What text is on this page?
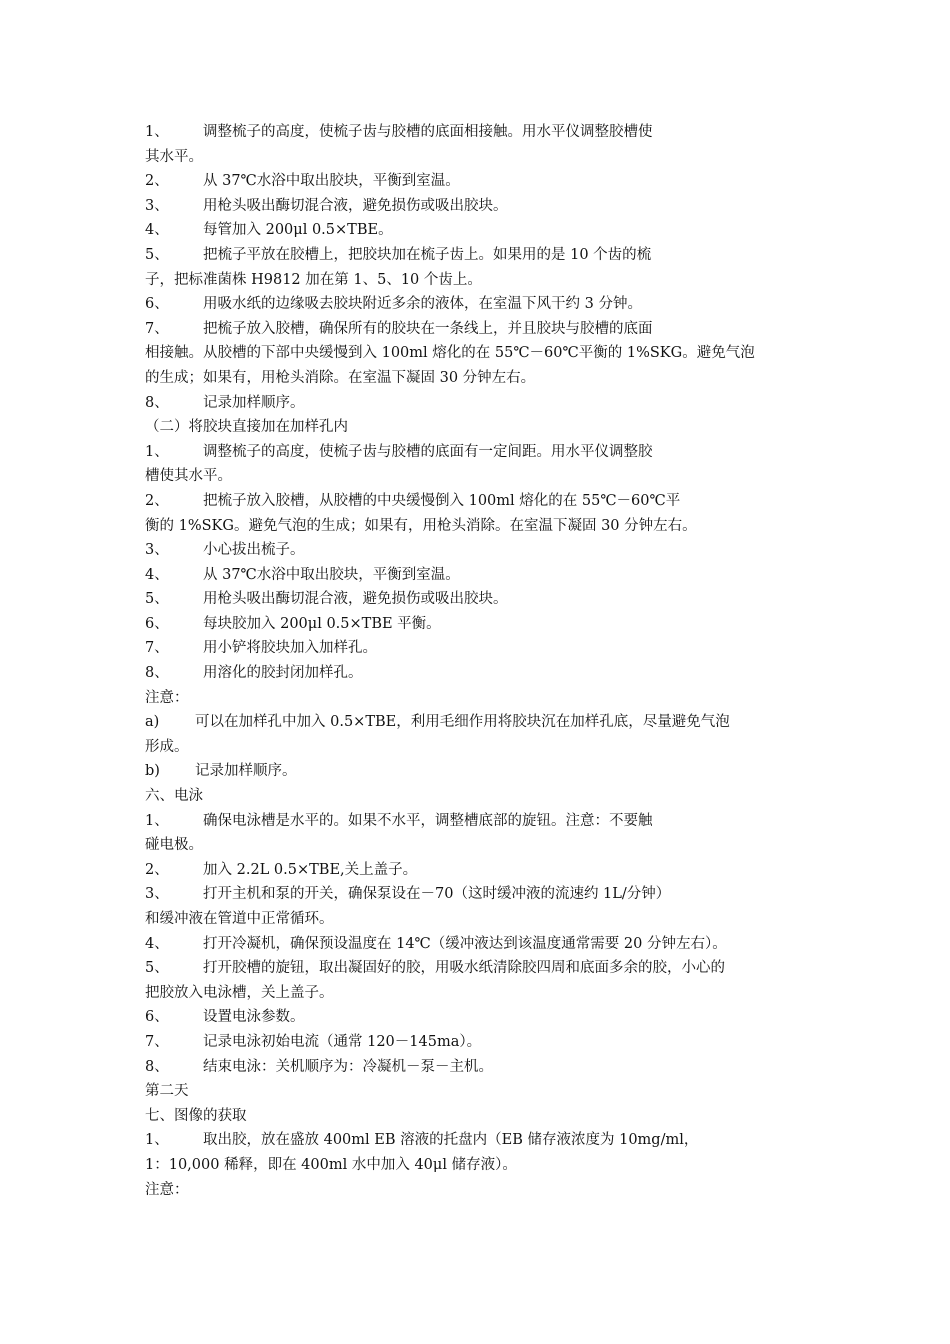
1、 调整梳子的高度，使梳子齿与胶槽的底面相接触。用水平仪调整胶槽使
其水平。
2、 从 37℃水浴中取出胶块，平衡到室温。
3、 用枪头吸出酶切混合液，避免损伤或吸出胶块。
4、 每管加入 200μl 0.5×TBE。
5、 把梳子平放在胶槽上，把胶块加在梳子齿上。如果用的是 10 个齿的梳
子，把标准菌株 H9812 加在第 1、5、10 个齿上。
6、 用吸水纸的边缘吸去胶块附近多余的液体，在室温下风干约 3 分钟。
7、 把梳子放入胶槽，确保所有的胶块在一条线上，并且胶块与胶槽的底面
相接触。从胶槽的下部中央缓慢到入 100ml 熔化的在 55℃－60℃平衡的 1%SKG。避免气泡
的生成；如果有，用枪头消除。在室温下凝固 30 分钟左右。
8、 记录加样顺序。
（二）将胶块直接加在加样孔内
1、 调整梳子的高度，使梳子齿与胶槽的底面有一定间距。用水平仪调整胶
槽使其水平。
2、 把梳子放入胶槽，从胶槽的中央缓慢倒入 100ml 熔化的在 55℃－60℃平
衡的 1%SKG。避免气泡的生成；如果有，用枪头消除。在室温下凝固 30 分钟左右。
3、 小心拔出梳子。
4、 从 37℃水浴中取出胶块，平衡到室温。
5、 用枪头吸出酶切混合液，避免损伤或吸出胶块。
6、 每块胶加入 200μl 0.5×TBE 平衡。
7、 用小铲将胶块加入加样孔。
8、 用溶化的胶封闭加样孔。
注意：
a) 可以在加样孔中加入 0.5×TBE，利用毛细作用将胶块沉在加样孔底，尽量避免气泡
形成。
b) 记录加样顺序。
六、电泳
1、 确保电泳槽是水平的。如果不水平，调整槽底部的旋钮。注意：不要触
碰电极。
2、 加入 2.2L 0.5×TBE,关上盖子。
3、 打开主机和泵的开关，确保泵设在－70（这时缓冲液的流速约 1L/分钟）
和缓冲液在管道中正常循环。
4、 打开冷凝机，确保预设温度在 14℃（缓冲液达到该温度通常需要 20 分钟左右）。
5、 打开胶槽的旋钮，取出凝固好的胶，用吸水纸清除胶四周和底面多余的胶，小心的
把胶放入电泳槽，关上盖子。
6、 设置电泳参数。
7、 记录电泳初始电流（通常 120－145ma）。
8、 结束电泳：关机顺序为：冷凝机－泵－主机。
第二天
七、图像的获取
1、 取出胶，放在盛放 400ml EB 溶液的托盘内（EB 储存液浓度为 10mg/ml，
1：10,000 稀释，即在 400ml 水中加入 40μl 储存液）。
注意：
